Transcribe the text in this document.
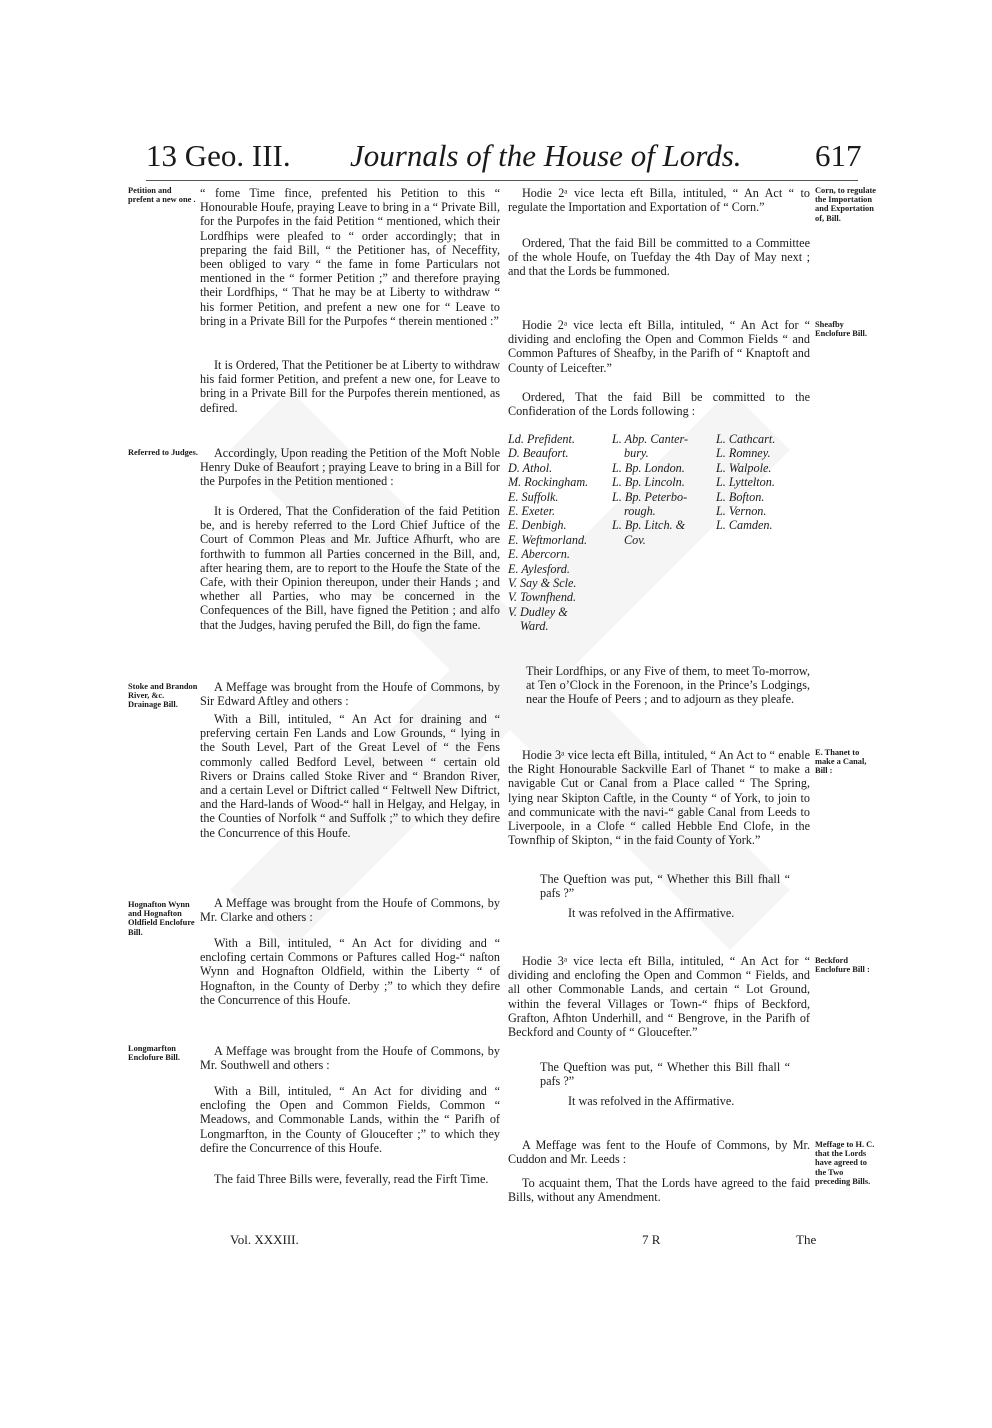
13 Geo. III. Journals of the House of Lords. 617
Petition and prefent a new one .
Referred to Judges.
Stoke and Brandon River, &c. Drainage Bill.
Hognafton Wynn and Hognafton Oldfield Enclofure Bill.
Longmarfton Enclofure Bill.
“ fome Time fince, prefented his Petition to this “ Honourable Houfe, praying Leave to bring in a “ Private Bill, for the Purpofes in the faid Petition “ mentioned, which their Lordfhips were pleafed to “ order accordingly; that in preparing the faid Bill, “ the Petitioner has, of Neceffity, been obliged to vary “ the fame in fome Particulars not mentioned in the “ former Petition ;” and therefore praying their Lordfhips, “ That he may be at Liberty to withdraw “ his former Petition, and prefent a new one for “ Leave to bring in a Private Bill for the Purpofes “ therein mentioned :”
It is Ordered, That the Petitioner be at Liberty to withdraw his faid former Petition, and prefent a new one, for Leave to bring in a Private Bill for the Purpofes therein mentioned, as defired.
Accordingly, Upon reading the Petition of the Moft Noble Henry Duke of Beaufort ; praying Leave to bring in a Bill for the Purpofes in the Petition mentioned :
It is Ordered, That the Confideration of the faid Petition be, and is hereby referred to the Lord Chief Juftice of the Court of Common Pleas and Mr. Juftice Afhurft, who are forthwith to fummon all Parties concerned in the Bill, and, after hearing them, are to report to the Houfe the State of the Cafe, with their Opinion thereupon, under their Hands ; and whether all Parties, who may be concerned in the Confequences of the Bill, have figned the Petition ; and alfo that the Judges, having perufed the Bill, do fign the fame.
A Meffage was brought from the Houfe of Commons, by Sir Edward Aftley and others :
With a Bill, intituled, “ An Act for draining and “ preferving certain Fen Lands and Low Grounds, “ lying in the South Level, Part of the Great Level of “ the Fens commonly called Bedford Level, between “ certain old Rivers or Drains called Stoke River and “ Brandon River, and a certain Level or Diftrict called “ Feltwell New Diftrict, and the Hard-lands of Wood-“ hall in Helgay, and Helgay, in the Counties of Norfolk “ and Suffolk ;” to which they defire the Concurrence of this Houfe.
A Meffage was brought from the Houfe of Commons, by Mr. Clarke and others :
With a Bill, intituled, “ An Act for dividing and “ enclofing certain Commons or Paftures called Hog-“ naſton Wynn and Hognafton Oldfield, within the Liberty “ of Hognafton, in the County of Derby ;” to which they defire the Concurrence of this Houfe.
A Meffage was brought from the Houfe of Commons, by Mr. Southwell and others :
With a Bill, intituled, “ An Act for dividing and “ enclofing the Open and Common Fields, Common “ Meadows, and Commonable Lands, within the “ Parifh of Longmarfton, in the County of Gloucefter ;” to which they defire the Concurrence of this Houfe.
The faid Three Bills were, feverally, read the Firft Time.
Corn, to regulate the Importation and Exportation of, Bill.
Sheafby Enclofure Bill.
E. Thanet to make a Canal, Bill :
Beckford Enclofure Bill :
Meffage to H. C. that the Lords have agreed to the Two preceding Bills.
Hodie 2ᵃ vice lecta eft Billa, intituled, “ An Act “ to regulate the Importation and Exportation of “ Corn.”
Ordered, That the faid Bill be committed to a Committee of the whole Houfe, on Tuefday the 4th Day of May next ; and that the Lords be fummoned.
Hodie 2ᵃ vice lecta eft Billa, intituled, “ An Act for “ dividing and enclofing the Open and Common Fields “ and Common Paftures of Sheafby, in the Parifh of “ Knaptoft and County of Leicefter.”
Ordered, That the faid Bill be committed to the Confideration of the Lords following :
Ld. Prefident.
D. Beaufort.
D. Athol.
M. Rockingham.
E. Suffolk.
E. Exeter.
E. Denbigh.
E. Weftmorland.
E. Abercorn.
E. Aylesford.
V. Say & Scle.
V. Townfhend.
V. Dudley &
Ward.
L. Abp. Canter-
bury.
L. Bp. London.
L. Bp. Lincoln.
L. Bp. Peterbo-
rough.
L. Bp. Litch. &
Cov.
L. Cathcart.
L. Romney.
L. Walpole.
L. Lyttelton.
L. Bofton.
L. Vernon.
L. Camden.
Their Lordfhips, or any Five of them, to meet To-morrow, at Ten o’Clock in the Forenoon, in the Prince’s Lodgings, near the Houfe of Peers ; and to adjourn as they pleafe.
Hodie 3ᵃ vice lecta eft Billa, intituled, “ An Act to “ enable the Right Honourable Sackville Earl of Thanet “ to make a navigable Cut or Canal from a Place called “ The Spring, lying near Skipton Caftle, in the County “ of York, to join to and communicate with the navi-“ gable Canal from Leeds to Liverpoole, in a Clofe “ called Hebble End Clofe, in the Townfhip of Skipton, “ in the faid County of York.”
The Queftion was put, “ Whether this Bill fhall “ pafs ?”
It was refolved in the Affirmative.
Hodie 3ᵃ vice lecta eft Billa, intituled, “ An Act for “ dividing and enclofing the Open and Common “ Fields, and all other Commonable Lands, and certain “ Lot Ground, within the feveral Villages or Town-“ fhips of Beckford, Grafton, Afhton Underhill, and “ Bengrove, in the Parifh of Beckford and County of “ Gloucefter.”
The Queftion was put, “ Whether this Bill fhall “ pafs ?”
It was refolved in the Affirmative.
A Meffage was fent to the Houfe of Commons, by Mr. Cuddon and Mr. Leeds :
To acquaint them, That the Lords have agreed to the faid Bills, without any Amendment.
Vol. XXXIII.	7 R	The
